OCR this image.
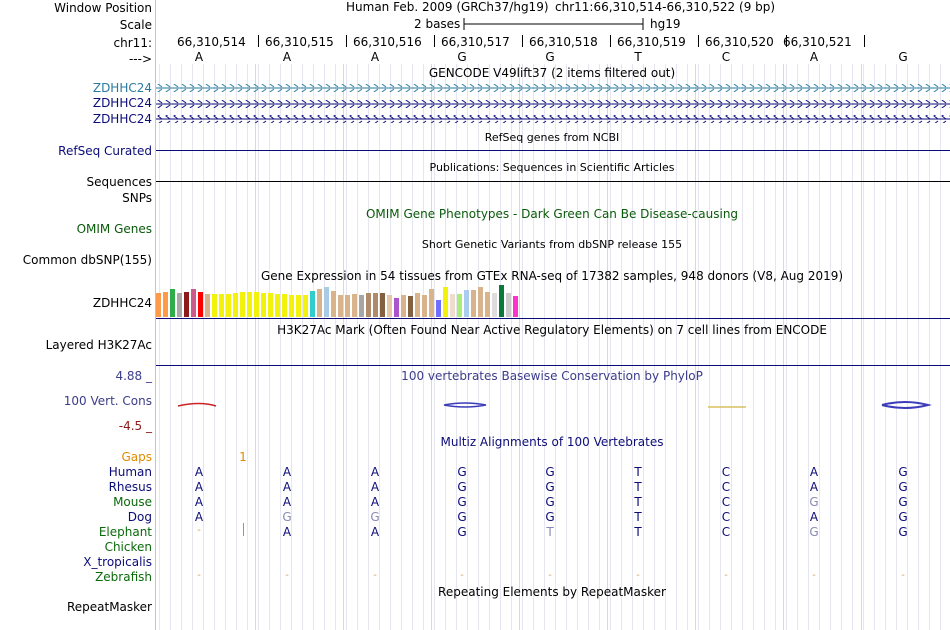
Window Position	Human Feb. 2009 (GRCh37/hg19) chr11:66,310,514-66,310,522 (9 bp)
Scale	2 bases	hg19
chr11: 66,310,514 66,310,515 66,310,516 66,310,517 66,310,518 66,310,519 66,310,520 66,310,521
--->	A	A	A	G	G	T	C	A	G
GENCODE V49lift37 (2 items filtered out)
ZDHHC24
ZDHHC24
ZDHHC24
RefSeq genes from NCBI
RefSeq Curated
Publications: Sequences in Scientific Articles
Sequences
SNPs
OMIM Gene Phenotypes - Dark Green Can Be Disease-causing
OMIM Genes
Short Genetic Variants from dbSNP release 155
Common dbSNP(155)
Gene Expression in 54 tissues from GTEx RNA-seq of 17382 samples, 948 donors (V8, Aug 2019)
ZDHHC24
H3K27Ac Mark (Often Found Near Active Regulatory Elements) on 7 cell lines from ENCODE
Layered H3K27Ac
100 vertebrates Basewise Conservation by PhyloP
4.88 _
100 Vert. Cons
-4.5 _
Multiz Alignments of 100 Vertebrates
Gaps	1
Human	A	A	A	G	G	T	C	A	G
Rhesus	A	A	A	G	G	T	C	A	G
Mouse	A	A	A	G	G	T	C	G	G
Dog	A	G	G	G	G	T	C	A	G
Elephant	-	A	A	G	T	T	C	G	G
Chicken
X_tropicalis
Zebrafish	-	-	-	-	-	-	-	-	-
Repeating Elements by RepeatMasker
RepeatMasker
